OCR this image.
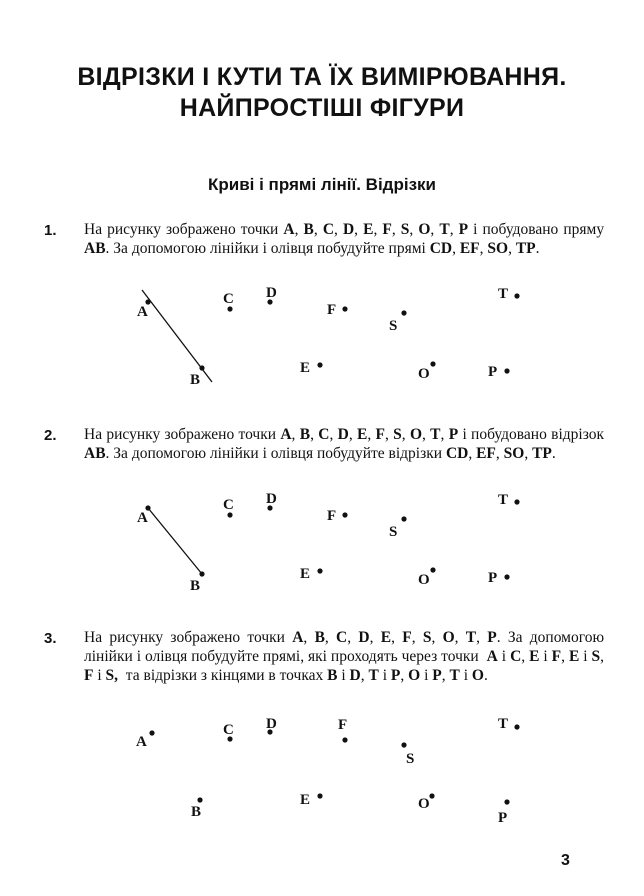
ВІДРІЗКИ І КУТИ ТА ЇХ ВИМІРЮВАННЯ.
НАЙПРОСТІШІ ФІГУРИ
Криві і прямі лінії. Відрізки
1. На рисунку зображено точки A, B, C, D, E, F, S, O, T, P і побудовано пряму AB. За допомогою лінійки і олівця побудуйте прямі CD, EF, SO, TP.
2. На рисунку зображено точки A, B, C, D, E, F, S, O, T, P і побудовано відрізок AB. За допомогою лінійки і олівця побудуйте відрізки CD, EF, SO, TP.
3. На рисунку зображено точки A, B, C, D, E, F, S, O, T, P. За допомогою лінійки і олівця побудуйте прямі, які проходять через точки  A і C, E і F, E і S, F і S,  та відрізки з кінцями в точках B і D, T і P, O і P, T і O.
A
B
C D
E
F
S
O
T
P
A
B
C D
E
F
S
O
T
P
A
B
C D
E
F
S
O
T
P
3
